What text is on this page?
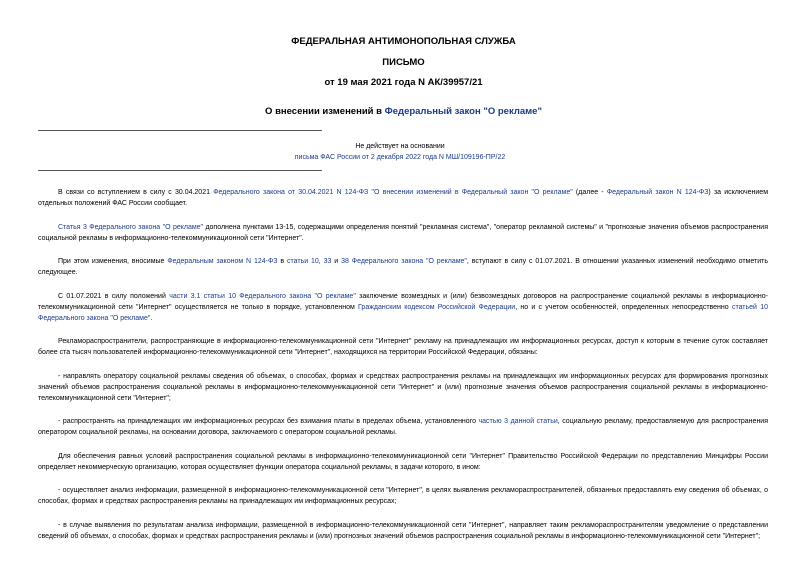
ФЕДЕРАЛЬНАЯ АНТИМОНОПОЛЬНАЯ СЛУЖБА
ПИСЬМО
от 19 мая 2021 года N АК/39957/21
О внесении изменений в Федеральный закон "О рекламе"
Не действует на основании
письма ФАС России от 2 декабря 2022 года N МШ/109196-ПР/22

В связи со вступлением в силу с 30.04.2021 Федерального закона от 30.04.2021 N 124-ФЗ "О внесении изменений в Федеральный закон "О рекламе" (далее - Федеральный закон N 124-ФЗ) за исключением отдельных положений ФАС России сообщает.

Статья 3 Федерального закона "О рекламе" дополнена пунктами 13-15, содержащими определения понятий "рекламная система", "оператор рекламной системы" и "прогнозные значения объемов распространения социальной рекламы в информационно-телекоммуникационной сети "Интернет".

При этом изменения, вносимые Федеральным законом N 124-ФЗ в статьи 10, 33 и 38 Федерального закона "О рекламе", вступают в силу с 01.07.2021. В отношении указанных изменений необходимо отметить следующее.

С 01.07.2021 в силу положений части 3.1 статьи 10 Федерального закона "О рекламе" заключение возмездных и (или) безвозмездных договоров на распространение социальной рекламы в информационно-телекоммуникационной сети "Интернет" осуществляется не только в порядке, установленном Гражданским кодексом Российской Федерации, но и с учетом особенностей, определенных непосредственно статьей 10 Федерального закона "О рекламе".

Рекламораспространители, распространяющие в информационно-телекоммуникационной сети "Интернет" рекламу на принадлежащих им информационных ресурсах, доступ к которым в течение суток составляет более ста тысяч пользователей информационно-телекоммуникационной сети "Интернет", находящихся на территории Российской Федерации, обязаны:

- направлять оператору социальной рекламы сведения об объемах, о способах, формах и средствах распространения рекламы на принадлежащих им информационных ресурсах для формирования прогнозных значений объемов распространения социальной рекламы в информационно-телекоммуникационной сети "Интернет" и (или) прогнозные значения объемов распространения социальной рекламы в информационно-телекоммуникационной сети "Интернет";

- распространять на принадлежащих им информационных ресурсах без взимания платы в пределах объема, установленного частью 3 данной статьи, социальную рекламу, предоставляемую для распространения оператором социальной рекламы, на основании договора, заключаемого с оператором социальной рекламы.

Для обеспечения равных условий распространения социальной рекламы в информационно-телекоммуникационной сети "Интернет" Правительство Российской Федерации по представлению Минцифры России определяет некоммерческую организацию, которая осуществляет функции оператора социальной рекламы, в задачи которого, в ином:

- осуществляет анализ информации, размещенной в информационно-телекоммуникационной сети "Интернет", в целях выявления рекламораспространителей, обязанных предоставлять ему сведения об объемах, о способах, формах и средствах распространения рекламы на принадлежащих им информационных ресурсах;

- в случае выявления по результатам анализа информации, размещенной в информационно-телекоммуникационной сети "Интернет", направляет таким рекламораспространителям уведомление о представлении сведений об объемах, о способах, формах и средствах распространения рекламы и (или) прогнозных значений объемов распространения социальной рекламы в информационно-телекоммуникационной сети "Интернет";
